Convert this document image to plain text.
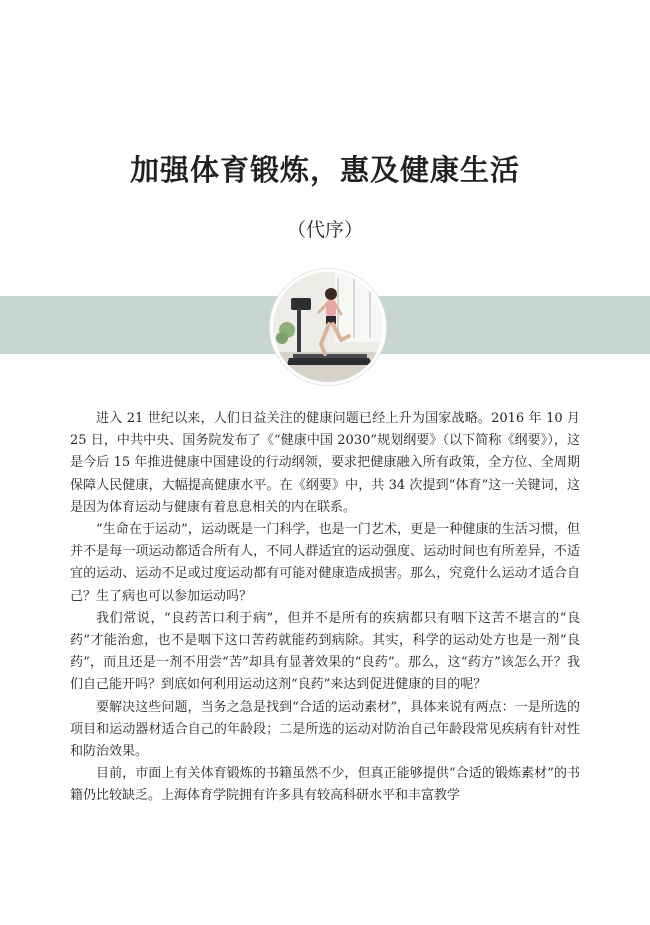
加强体育锻炼，惠及健康生活
（代序）

进入 21 世纪以来，人们日益关注的健康问题已经上升为国家战略。2016 年 10 月 25 日，中共中央、国务院发布了《“健康中国 2030”规划纲要》（以下简称《纲要》），这是今后 15 年推进健康中国建设的行动纲领，要求把健康融入所有政策，全方位、全周期保障人民健康，大幅提高健康水平。在《纲要》中，共 34 次提到“体育”这一关键词，这是因为体育运动与健康有着息息相关的内在联系。

“生命在于运动”，运动既是一门科学，也是一门艺术，更是一种健康的生活习惯，但并不是每一项运动都适合所有人，不同人群适宜的运动强度、运动时间也有所差异，不适宜的运动、运动不足或过度运动都有可能对健康造成损害。那么，究竟什么运动才适合自己？生了病也可以参加运动吗？

我们常说，“良药苦口利于病”，但并不是所有的疾病都只有咽下这苦不堪言的“良药”才能治愈，也不是咽下这口苦药就能药到病除。其实，科学的运动处方也是一剂“良药”，而且还是一剂不用尝“苦”却具有显著效果的“良药”。那么，这“药方”该怎么开？我们自己能开吗？到底如何利用运动这剂“良药”来达到促进健康的目的呢？

要解决这些问题，当务之急是找到“合适的运动素材”，具体来说有两点：一是所选的项目和运动器材适合自己的年龄段；二是所选的运动对防治自己年龄段常见疾病有针对性和防治效果。

目前，市面上有关体育锻炼的书籍虽然不少，但真正能够提供“合适的锻炼素材”的书籍仍比较缺乏。上海体育学院拥有许多具有较高科研水平和丰富教学
